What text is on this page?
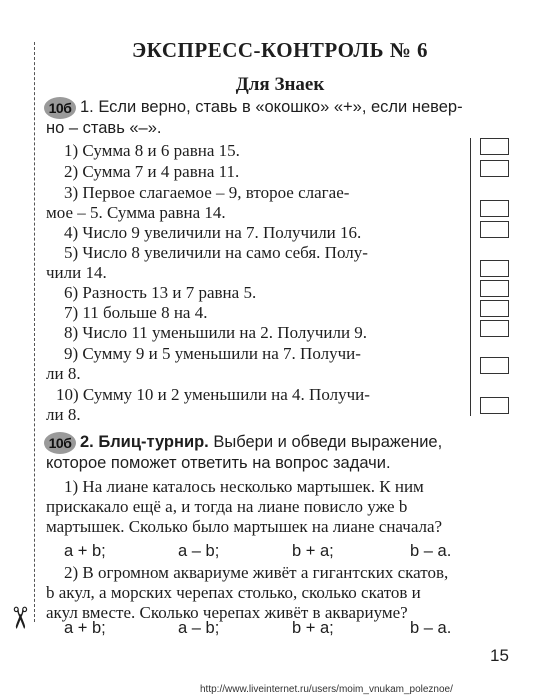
✂
ЭКСПРЕСС-КОНТРОЛЬ № 6
Для Знаек
10б 1. Если верно, ставь в «окошко» «+», если невер-
но – ставь «–».
1) Сумма 8 и 6 равна 15.
2) Сумма 7 и 4 равна 11.
3) Первое слагаемое – 9, второе слагае-
мое – 5. Сумма равна 14.
4) Число 9 увеличили на 7. Получили 16.
5) Число 8 увеличили на само себя. Полу-
чили 14.
6) Разность 13 и 7 равна 5.
7) 11 больше 8 на 4.
8) Число 11 уменьшили на 2. Получили 9.
9) Сумму 9 и 5 уменьшили на 7. Получи-
ли 8.
10) Сумму 10 и 2 уменьшили на 4. Получи-
ли 8.
10б 2. Блиц-турнир. Выбери и обведи выражение,
которое поможет ответить на вопрос задачи.
1) На лиане каталось несколько мартышек. К ним
прискакало ещё a, и тогда на лиане повисло уже b
мартышек. Сколько было мартышек на лиане сначала?
a + b;	a – b;	b + a;	b – a.
2) В огромном аквариуме живёт a гигантских скатов,
b акул, а морских черепах столько, сколько скатов и
акул вместе. Сколько черепах живёт в аквариуме?
a + b;	a – b;	b + a;	b – a.
15
http://www.liveinternet.ru/users/moim_vnukam_poleznoe/
